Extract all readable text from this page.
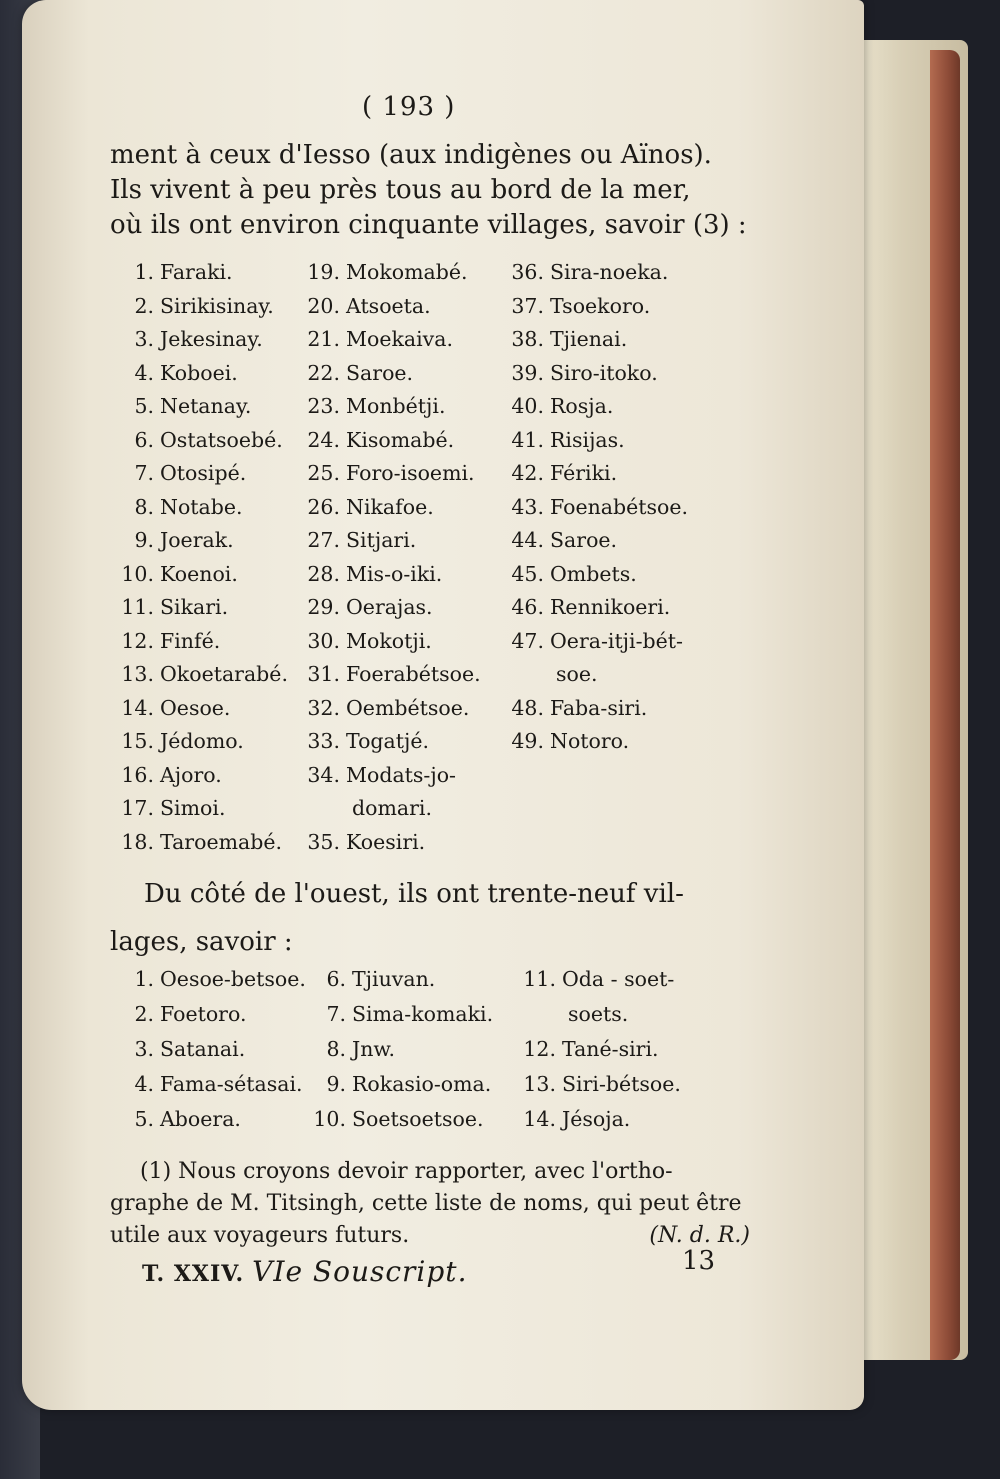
( 193 )

ment à ceux d'Iesso (aux indigènes ou Aïnos).
Ils vivent à peu près tous au bord de la mer,
où ils ont environ cinquante villages, savoir (3) :

1. Faraki.
2. Sirikisinay.
3. Jekesinay.
4. Koboei.
5. Netanay.
6. Ostatsoebé.
7. Otosipé.
8. Notabe.
9. Joerak.
10. Koenoi.
11. Sikari.
12. Finfé.
13. Okoetarabé.
14. Oesoe.
15. Jédomo.
16. Ajoro.
17. Simoi.
18. Taroemabé.
19. Mokomabé.
20. Atsoeta.
21. Moekaiva.
22. Saroe.
23. Monbétji.
24. Kisomabé.
25. Foro-isoemi.
26. Nikafoe.
27. Sitjari.
28. Mis-o-iki.
29. Oerajas.
30. Mokotji.
31. Foerabétsoe.
32. Oembétsoe.
33. Togatjé.
34. Modats-jo-
domari.
35. Koesiri.
36. Sira-noeka.
37. Tsoekoro.
38. Tjienai.
39. Siro-itoko.
40. Rosja.
41. Risijas.
42. Fériki.
43. Foenabétsoe.
44. Saroe.
45. Ombets.
46. Rennikoeri.
47. Oera-itji-bét-
soe.
48. Faba-siri.
49. Notoro.

Du côté de l'ouest, ils ont trente-neuf vil-
lages, savoir :

1. Oesoe-betsoe.
2. Foetoro.
3. Satanai.
4. Fama-sétasai.
5. Aboera.
6. Tjiuvan.
7. Sima-komaki.
8. Jnw.
9. Rokasio-oma.
10. Soetsoetsoe.
11. Oda - soet-
soets.
12. Tané-siri.
13. Siri-bétsoe.
14. Jésoja.
(1) Nous croyons devoir rapporter, avec l'ortho-
graphe de M. Titsingh, cette liste de noms, qui peut être
utile aux voyageurs futurs.	(N. d. R.)
T. XXIV. VIe Souscript.	13
